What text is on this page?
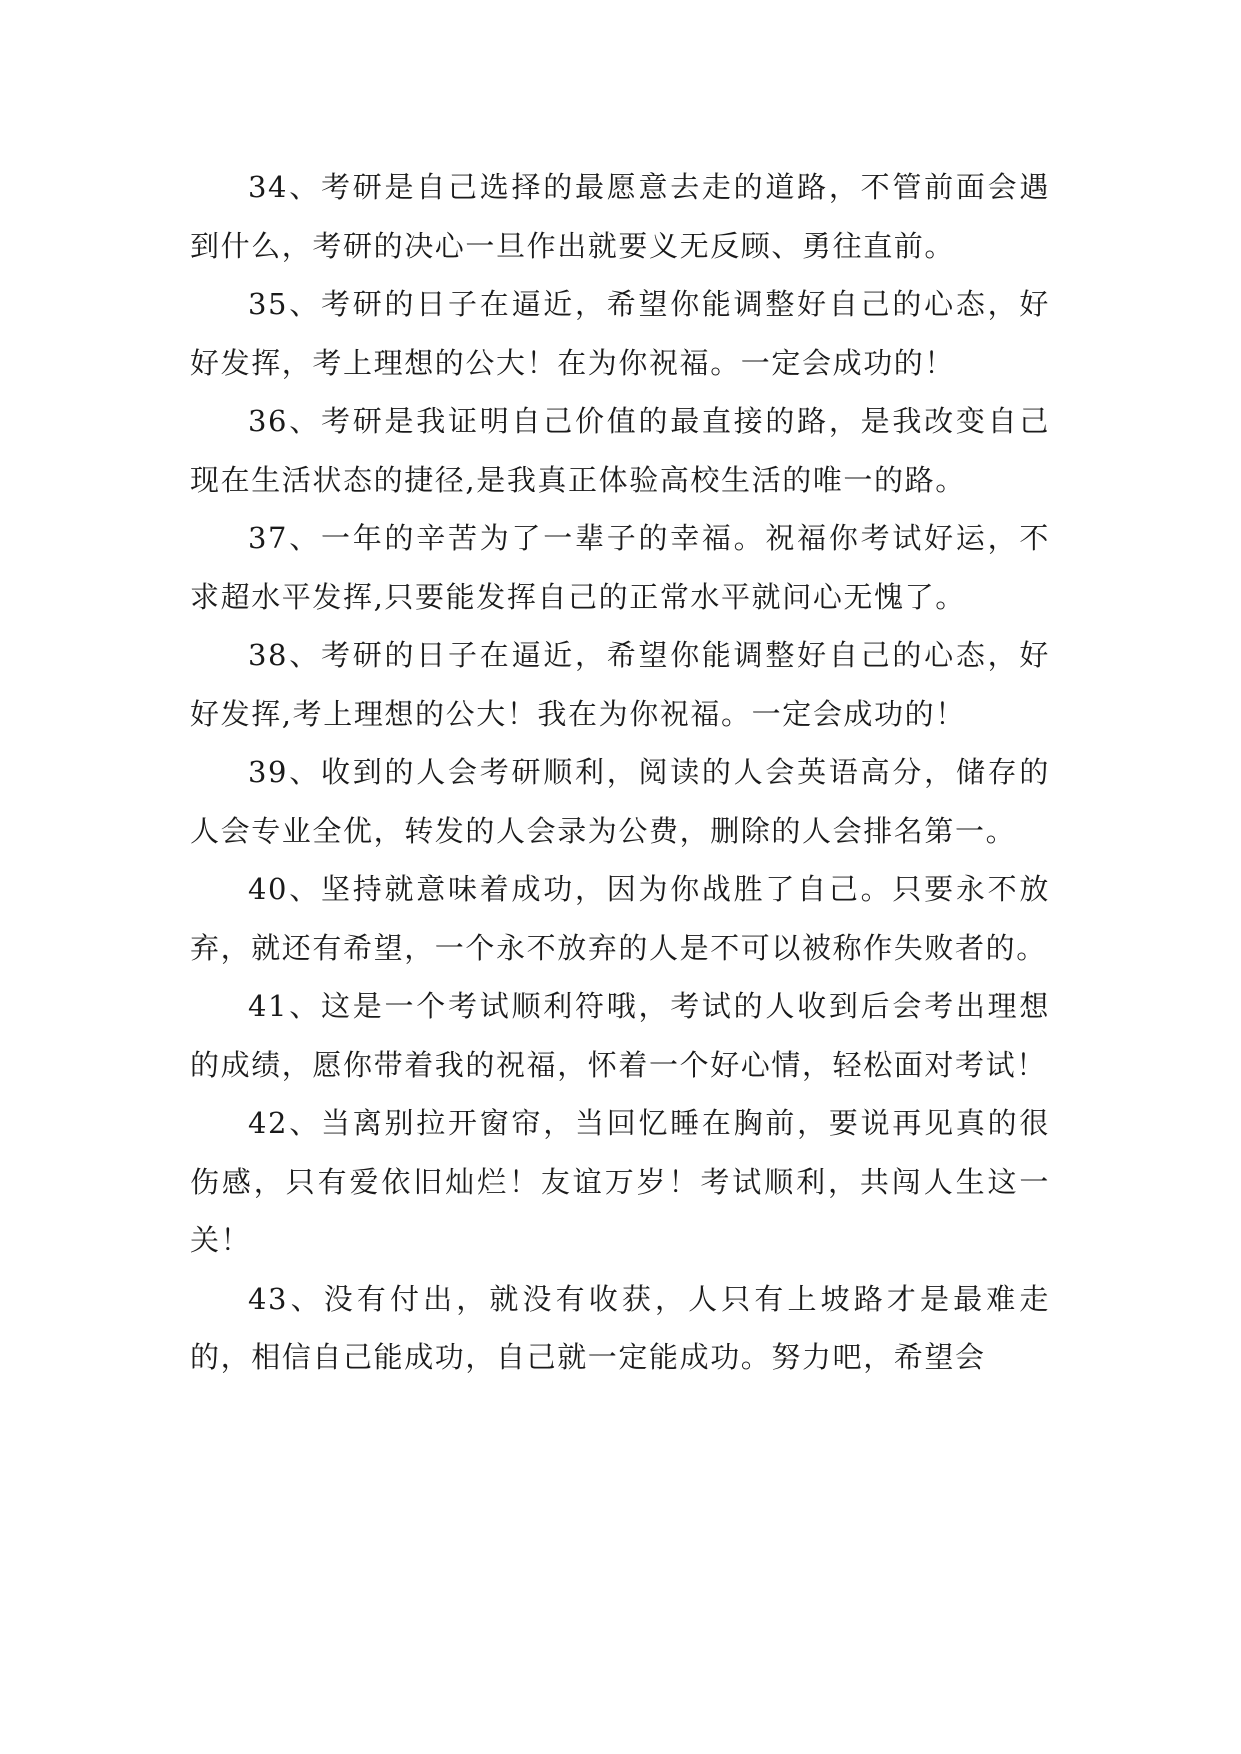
34、考研是自己选择的最愿意去走的道路，不管前面会遇到什么，考研的决心一旦作出就要义无反顾、勇往直前。

35、考研的日子在逼近，希望你能调整好自己的心态，好好发挥，考上理想的公大！在为你祝福。一定会成功的！

36、考研是我证明自己价值的最直接的路，是我改变自己现在生活状态的捷径,是我真正体验高校生活的唯一的路。

37、一年的辛苦为了一辈子的幸福。祝福你考试好运，不求超水平发挥,只要能发挥自己的正常水平就问心无愧了。

38、考研的日子在逼近，希望你能调整好自己的心态，好好发挥,考上理想的公大！我在为你祝福。一定会成功的！

39、收到的人会考研顺利，阅读的人会英语高分，储存的人会专业全优，转发的人会录为公费，删除的人会排名第一。

40、坚持就意味着成功，因为你战胜了自己。只要永不放弃，就还有希望，一个永不放弃的人是不可以被称作失败者的。

41、这是一个考试顺利符哦，考试的人收到后会考出理想的成绩，愿你带着我的祝福，怀着一个好心情，轻松面对考试！

42、当离别拉开窗帘，当回忆睡在胸前，要说再见真的很伤感，只有爱依旧灿烂！友谊万岁！考试顺利，共闯人生这一关！

43、没有付出，就没有收获，人只有上坡路才是最难走的，相信自己能成功，自己就一定能成功。努力吧，希望会
